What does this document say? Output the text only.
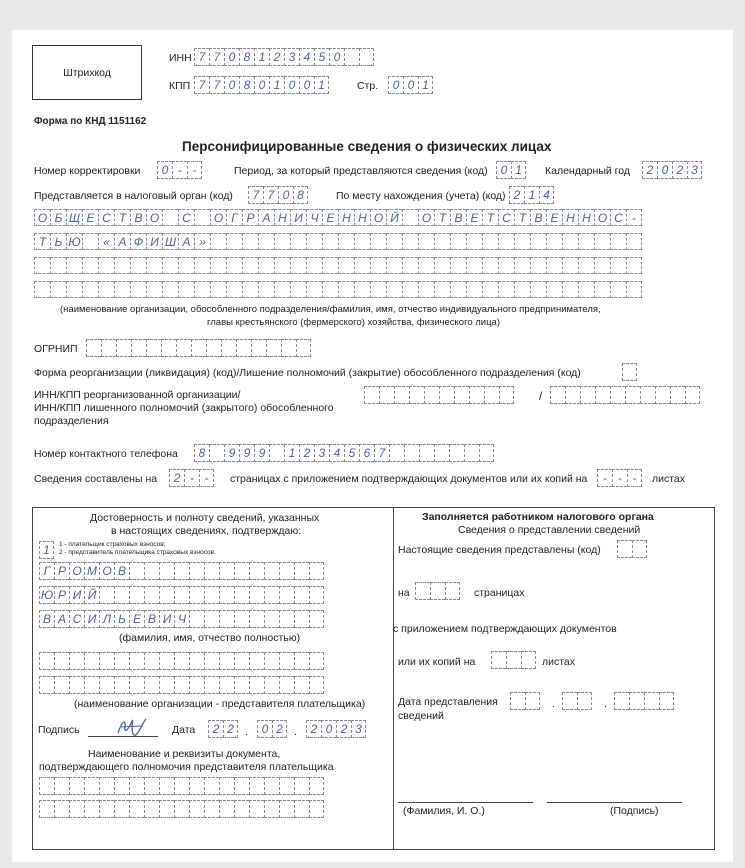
Штрихкод
ИНН 7 7 0 8 1 2 3 4 5 0
КПП 7 7 0 8 0 1 0 0 1	Стр.	0 0 1
Форма по КНД 1151162
Персонифицированные сведения о физических лицах
Номер корректировки	0 - -	Период, за который представляются сведения (код)	0 1	Календарный год	2 0 2 3
Представляется в налоговый орган (код)	7 7 0 8	По месту нахождения (учета) (код) 2 1 4
О Б Щ Е С Т В О	С	О Г Р А Н И Ч Е Н Н О Й	О Т В Е Т С Т В Е Н Н О С -
Т Ь Ю	« А Ф И Ш А »
(наименование организации, обособленного подразделения/фамилия, имя, отчество индивидуального предпринимателя,
главы крестьянского (фермерского) хозяйства, физического лица)
ОГРНИП
Форма реорганизации (ликвидация) (код)/Лишение полномочий (закрытие) обособленного подразделения (код)
ИНН/КПП реорганизованной организации/
ИНН/КПП лишенного полномочий (закрытого) обособленного
подразделения
/
Номер контактного телефона	8	9 9 9	1 2 3 4 5 6 7
Сведения составлены на	2 - -	страницах с приложением подтверждающих документов или их копий на	- - -	листах
Достоверность и полноту сведений, указанных
в настоящих сведениях, подтверждаю:
1	1 - плательщик страховых взносов;
2 - представитель плательщика страховых взносов.
Г Р О М О В
Ю Р И Й
В А С И Л Ь Е В И Ч
(фамилия, имя, отчество полностью)
(наименование организации - представителя плательщика)
Подпись	Дата	2 2	.	0 2	.	2 0 2 3
Наименование и реквизиты документа,
подтверждающего полномочия представителя плательщика
Заполняется работником налогового органа
Сведения о представлении сведений
Настоящие сведения представлены (код)
на	страницах
с приложением подтверждающих документов
или их копий на	листах
Дата представления
сведений
.	.
(Фамилия, И. О.)	(Подпись)
